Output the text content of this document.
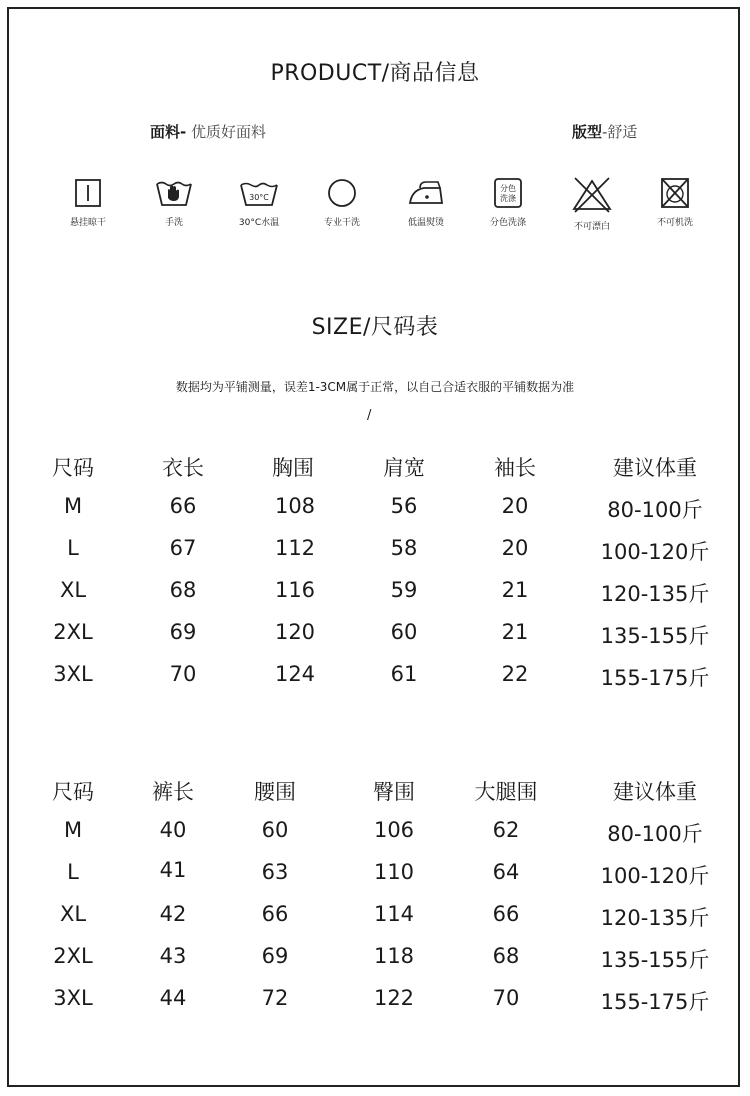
PRODUCT/商品信息
面料- 优质好面料	版型-舒适
悬挂晾干	手洗
30°C
30°C水温	专业干洗	低温熨烫
分色
洗涤
分色洗涤	不可漂白	不可机洗
SIZE/尺码表
数据均为平铺测量，误差1-3CM属于正常，以自己合适衣服的平铺数据为准
/
尺码	衣长	胸围	肩宽	袖长	建议体重
M	66	108	56	20	80-100斤
L	67	112	58	20	100-120斤
XL	68	116	59	21	120-135斤
2XL	69	120	60	21	135-155斤
3XL	70	124	61	22	155-175斤
尺码	裤长	腰围	臀围	大腿围	建议体重
M	40	60	106	62	80-100斤
L	41	63	110	64	100-120斤
XL	42	66	114	66	120-135斤
2XL	43	69	118	68	135-155斤
3XL	44	72	122	70	155-175斤
